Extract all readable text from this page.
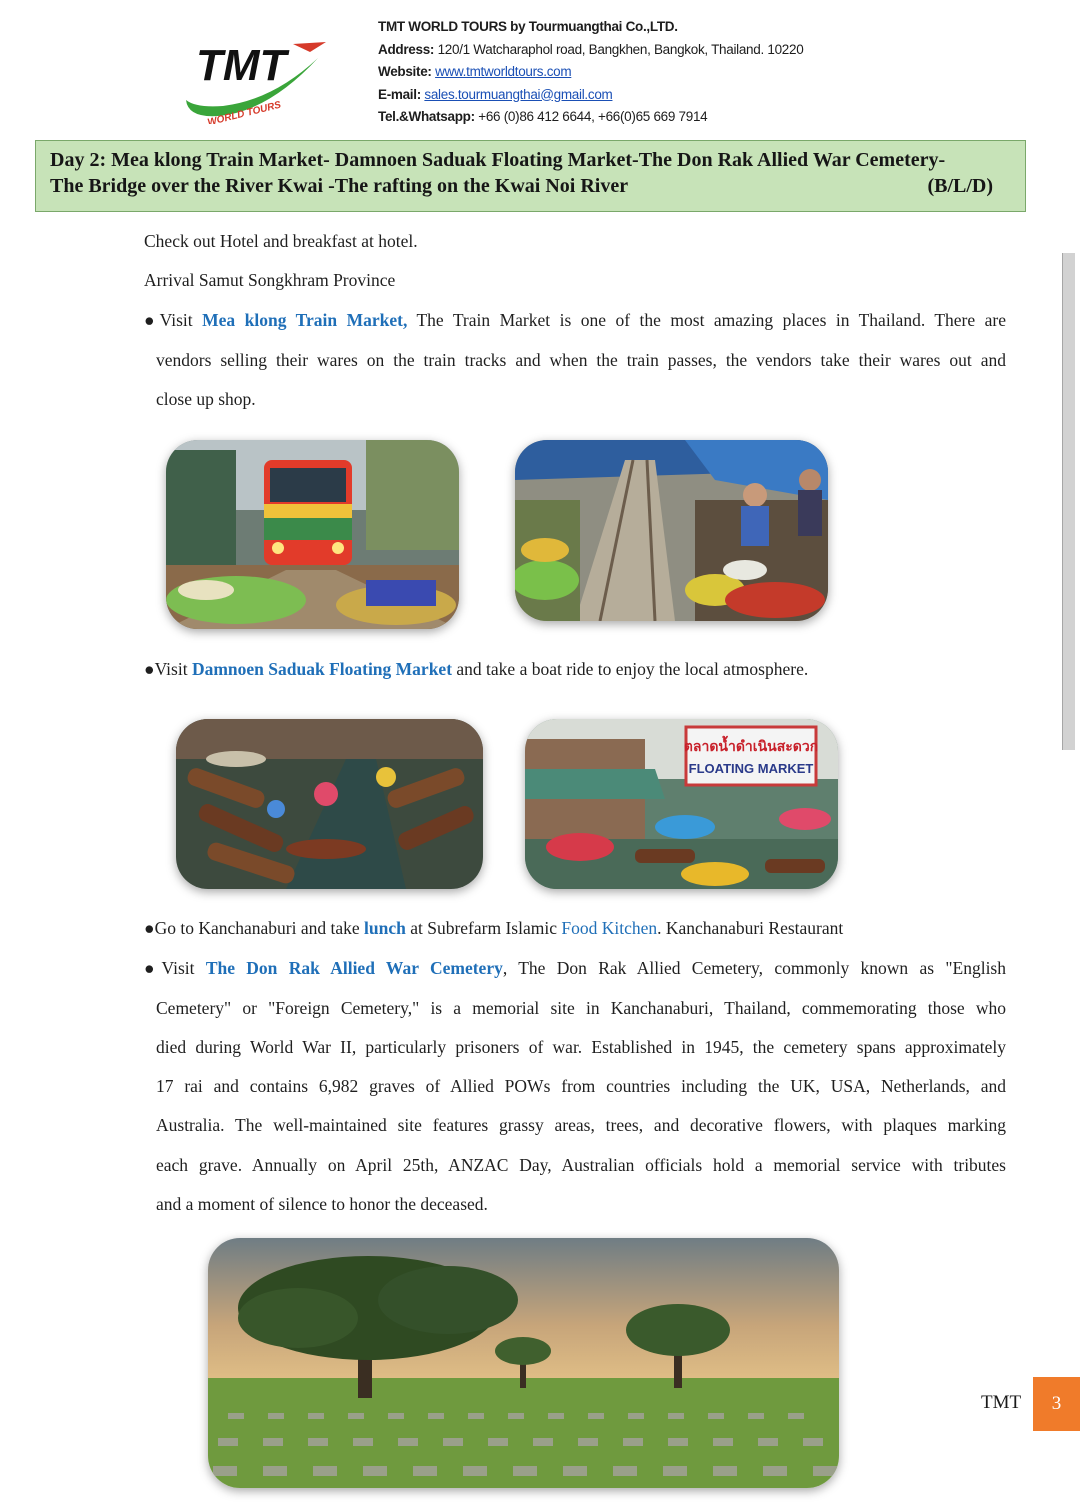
TMT
WORLD TOURS
TMT WORLD TOURS by Tourmuangthai Co.,LTD.
Address: 120/1 Watcharaphol road, Bangkhen, Bangkok, Thailand. 10220
Website: www.tmtworldtours.com
E-mail: sales.tourmuangthai@gmail.com
Tel.&Whatsapp: +66 (0)86 412 6644, +66(0)65 669 7914
Day 2: Mea klong Train Market- Damnoen Saduak Floating Market-The Don Rak Allied War Cemetery-
The Bridge over the River Kwai -The rafting on the Kwai Noi River	(B/L/D)
Check out Hotel and breakfast at hotel.
Arrival Samut Songkhram Province
●Visit Mea klong Train Market, The Train Market is one of the most amazing places in Thailand. There are
vendors selling their wares on the train tracks and when the train passes, the vendors take their wares out and
close up shop.
●Visit Damnoen Saduak Floating Market and take a boat ride to enjoy the local atmosphere.
ตลาดน้ำดำเนินสะดวก
FLOATING MARKET
●Go to Kanchanaburi and take lunch at Subrefarm Islamic Food Kitchen. Kanchanaburi Restaurant
●Visit The Don Rak Allied War Cemetery, The Don Rak Allied Cemetery, commonly known as "English
Cemetery" or "Foreign Cemetery," is a memorial site in Kanchanaburi, Thailand, commemorating those who
died during World War II, particularly prisoners of war. Established in 1945, the cemetery spans approximately
17 rai and contains 6,982 graves of Allied POWs from countries including the UK, USA, Netherlands, and
Australia. The well-maintained site features grassy areas, trees, and decorative flowers, with plaques marking
each grave. Annually on April 25th, ANZAC Day, Australian officials hold a memorial service with tributes
and a moment of silence to honor the deceased.
TMT	3
